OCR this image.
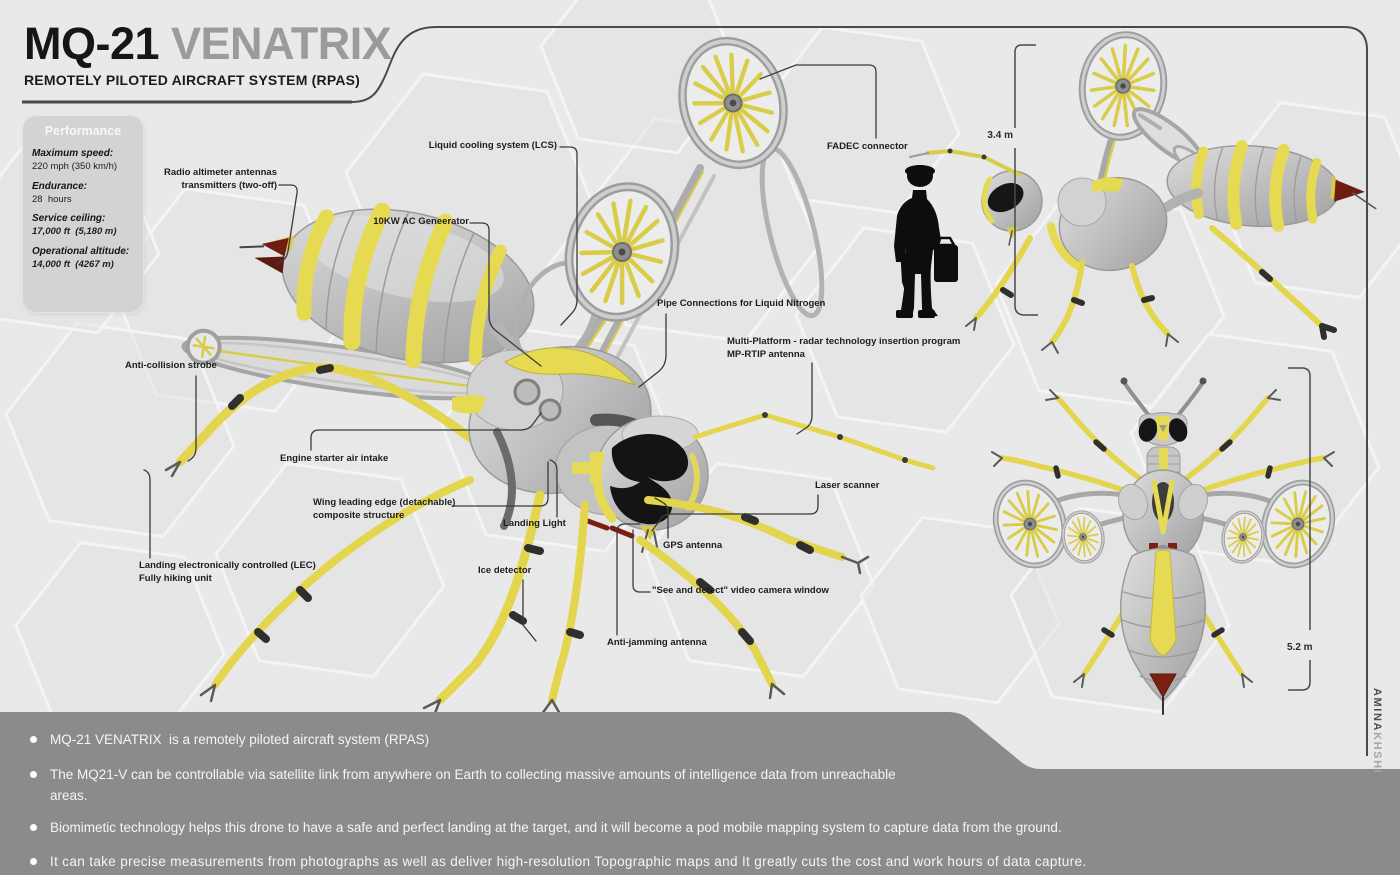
MQ-21 VENATRIX
REMOTELY PILOTED AIRCRAFT SYSTEM (RPAS)
Performance
Maximum speed:
220 mph (350 km/h)
Endurance:
28  hours
Service ceiling:
17,000 ft  (5,180 m)
Operational altitude:
14,000 ft  (4267 m)
Radio altimeter antennas
transmitters (two-off)
10KW AC Geneerator
Liquid cooling system (LCS)	FADEC connector
Pipe Connections for Liquid Nitrogen
Multi-Platform - radar technology insertion program
MP-RTIP antenna
Anti-collision strobe
Engine starter air intake
Wing leading edge (detachable)
composite structure
Landing Light
Laser scanner
GPS antenna
Ice detector
"See and detect" video camera window
Landing electronically controlled (LEC)
Fully hiking unit
Anti-jamming antenna
3.4 m
5.2 m
AMINAKHSHI
MQ-21 VENATRIX  is a remotely piloted aircraft system (RPAS)
The MQ21-V can be controllable via satellite link from anywhere on Earth to collecting massive amounts of intelligence data from unreachable areas.
Biomimetic technology helps this drone to have a safe and perfect landing at the target, and it will become a pod mobile mapping system to capture data from the ground.
It can take precise measurements from photographs as well as deliver high-resolution Topographic maps and It greatly cuts the cost and work hours of data capture.
